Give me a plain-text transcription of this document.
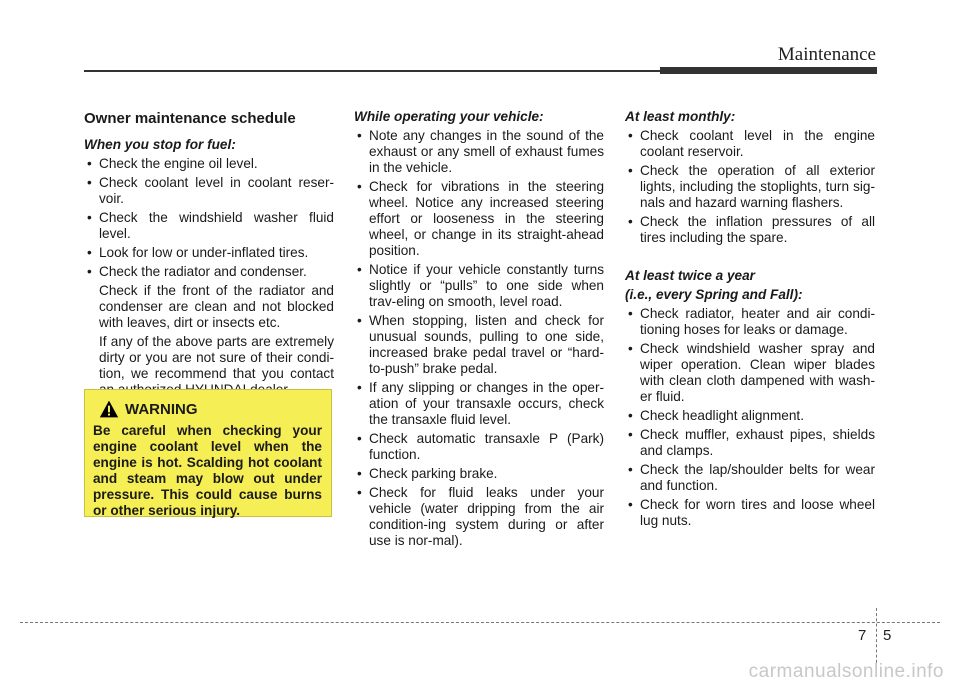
Maintenance
Owner maintenance schedule
When you stop for fuel:
• Check the engine oil level.
• Check coolant level in coolant reser-voir.
• Check the windshield washer fluid level.
• Look for low or under-inflated tires.
• Check the radiator and condenser.

Check if the front of the radiator and condenser are clean and not blocked with leaves, dirt or insects etc.

If any of the above parts are extremely dirty or you are not sure of their condi-tion, we recommend that you contact

WARNING
Be careful when checking your engine coolant level when the engine is hot. Scalding hot coolant and steam may blow out under pressure. This could cause burns or other serious injury.
While operating your vehicle:
• Note any changes in the sound of the exhaust or any smell of exhaust fumes in the vehicle.
• Check for vibrations in the steering wheel. Notice any increased steering effort or looseness in the steering wheel, or change in its straight-ahead position.
• Notice if your vehicle constantly turns slightly or “pulls” to one side when trav-eling on smooth, level road.
• When stopping, listen and check for unusual sounds, pulling to one side, increased brake pedal travel or “hard-to-push” brake pedal.
• If any slipping or changes in the oper-ation of your transaxle occurs, check the transaxle fluid level.
• Check automatic transaxle P (Park) function.
• Check parking brake.
• Check for fluid leaks under your vehicle (water dripping from the air condition-ing system during or after use is nor-mal).
At least monthly:
• Check coolant level in the engine coolant reservoir.
• Check the operation of all exterior lights, including the stoplights, turn sig-nals and hazard warning flashers.
• Check the inflation pressures of all tires including the spare.
At least twice a year
(i.e., every Spring and Fall):
• Check radiator, heater and air condi-tioning hoses for leaks or damage.
• Check windshield washer spray and wiper operation. Clean wiper blades with clean cloth dampened with wash-er fluid.
• Check headlight alignment.
• Check muffler, exhaust pipes, shields and clamps.
• Check the lap/shoulder belts for wear and function.
• Check for worn tires and loose wheel lug nuts.
7 5
carmanualsonline.info
